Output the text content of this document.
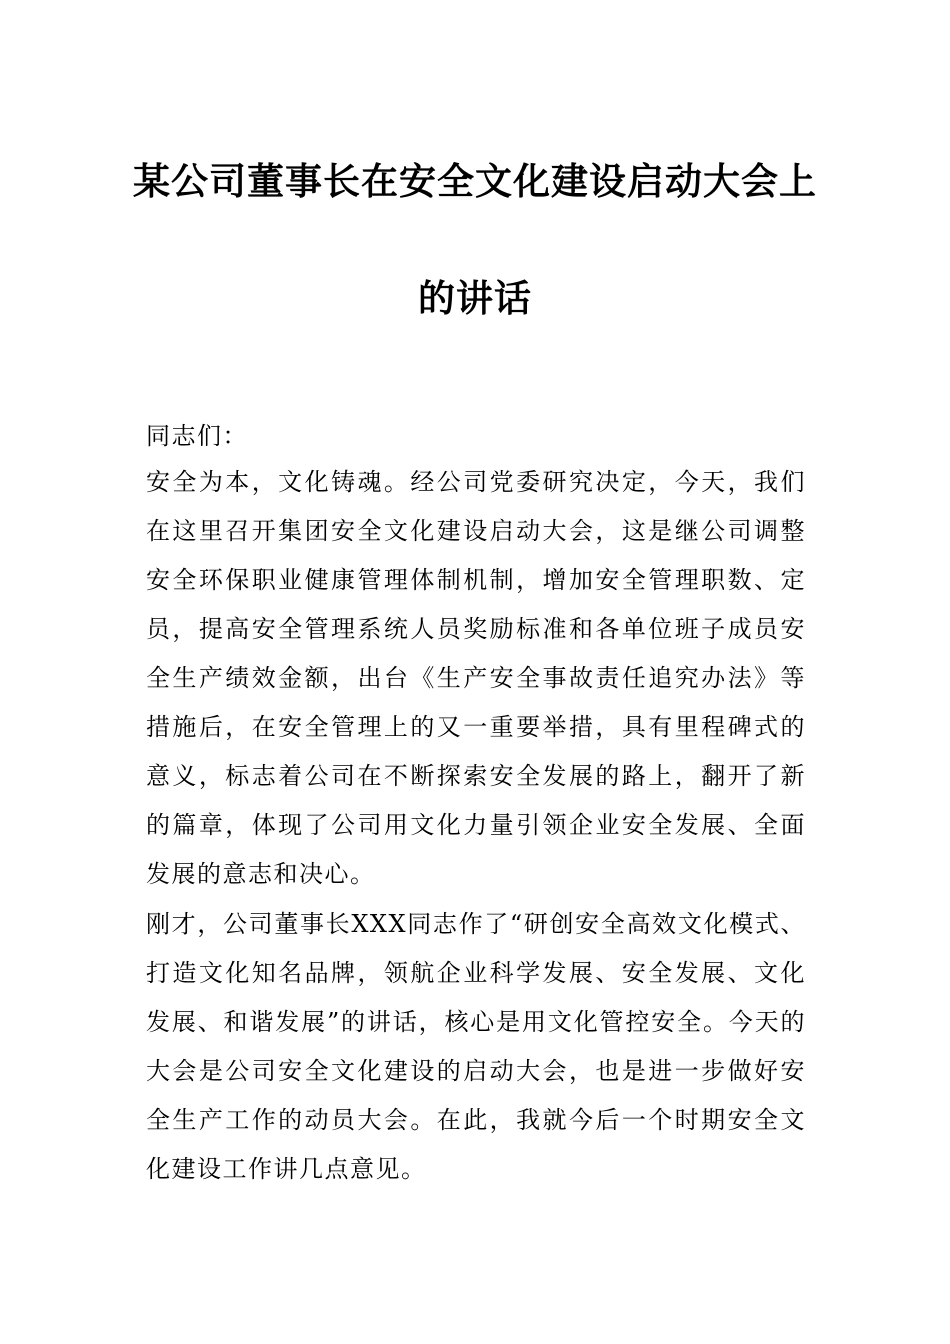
某公司董事长在安全文化建设启动大会上
的讲话
同志们：
安全为本，文化铸魂。经公司党委研究决定，今天，我们在这里召开集团安全文化建设启动大会，这是继公司调整安全环保职业健康管理体制机制，增加安全管理职数、定员，提高安全管理系统人员奖励标准和各单位班子成员安全生产绩效金额，出台《生产安全事故责任追究办法》等措施后，在安全管理上的又一重要举措，具有里程碑式的意义，标志着公司在不断探索安全发展的路上，翻开了新的篇章，体现了公司用文化力量引领企业安全发展、全面发展的意志和决心。
刚才，公司董事长XXX同志作了“研创安全高效文化模式、打造文化知名品牌，领航企业科学发展、安全发展、文化发展、和谐发展”的讲话，核心是用文化管控安全。今天的大会是公司安全文化建设的启动大会，也是进一步做好安全生产工作的动员大会。在此，我就今后一个时期安全文化建设工作讲几点意见。
